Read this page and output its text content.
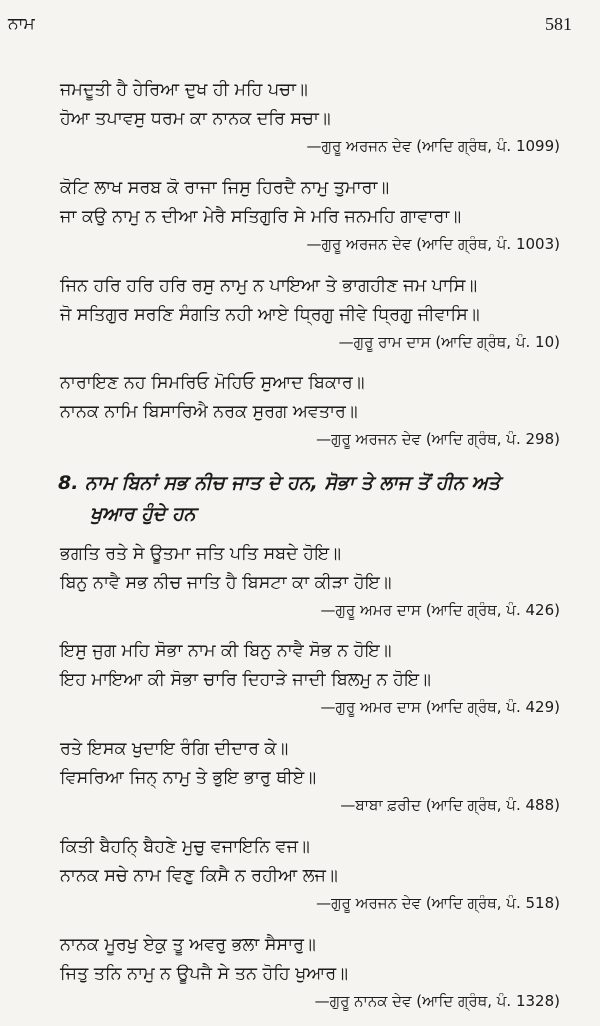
ਨਾਮ	581
ਜਮਦੂਤੀ ਹੈ ਹੇਰਿਆ ਦੁਖ ਹੀ ਮਹਿ ਪਚਾ॥
ਹੋਆ ਤਪਾਵਸੁ ਧਰਮ ਕਾ ਨਾਨਕ ਦਰਿ ਸਚਾ॥
—ਗੁਰੂ ਅਰਜਨ ਦੇਵ (ਆਦਿ ਗ੍ਰੰਥ, ਪੰ. 1099)
ਕੋਟਿ ਲਾਖ ਸਰਬ ਕੋ ਰਾਜਾ ਜਿਸੁ ਹਿਰਦੈ ਨਾਮੁ ਤੁਮਾਰਾ॥
ਜਾ ਕਉ ਨਾਮੁ ਨ ਦੀਆ ਮੇਰੈ ਸਤਿਗੁਰਿ ਸੇ ਮਰਿ ਜਨਮਹਿ ਗਾਵਾਰਾ॥
—ਗੁਰੂ ਅਰਜਨ ਦੇਵ (ਆਦਿ ਗ੍ਰੰਥ, ਪੰ. 1003)
ਜਿਨ ਹਰਿ ਹਰਿ ਹਰਿ ਰਸੁ ਨਾਮੁ ਨ ਪਾਇਆ ਤੇ ਭਾਗਹੀਣ ਜਮ ਪਾਸਿ॥
ਜੋ ਸਤਿਗੁਰ ਸਰਣਿ ਸੰਗਤਿ ਨਹੀ ਆਏ ਧ੍ਰਿਗੁ ਜੀਵੇ ਧ੍ਰਿਗੁ ਜੀਵਾਸਿ॥
—ਗੁਰੂ ਰਾਮ ਦਾਸ (ਆਦਿ ਗ੍ਰੰਥ, ਪੰ. 10)
ਨਾਰਾਇਣ ਨਹ ਸਿਮਰਿਓ ਮੋਹਿਓ ਸੁਆਦ ਬਿਕਾਰ॥
ਨਾਨਕ ਨਾਮਿ ਬਿਸਾਰਿਐ ਨਰਕ ਸੁਰਗ ਅਵਤਾਰ॥
—ਗੁਰੂ ਅਰਜਨ ਦੇਵ (ਆਦਿ ਗ੍ਰੰਥ, ਪੰ. 298)
8. ਨਾਮ ਬਿਨਾਂ ਸਭ ਨੀਚ ਜਾਤ ਦੇ ਹਨ, ਸੋਭਾ ਤੇ ਲਾਜ ਤੋਂ ਹੀਨ ਅਤੇ
ਖੁਆਰ ਹੁੰਦੇ ਹਨ
ਭਗਤਿ ਰਤੇ ਸੇ ਊਤਮਾ ਜਤਿ ਪਤਿ ਸਬਦੇ ਹੋਇ॥
ਬਿਨੁ ਨਾਵੈ ਸਭ ਨੀਚ ਜਾਤਿ ਹੈ ਬਿਸਟਾ ਕਾ ਕੀੜਾ ਹੋਇ॥
—ਗੁਰੂ ਅਮਰ ਦਾਸ (ਆਦਿ ਗ੍ਰੰਥ, ਪੰ. 426)
ਇਸੁ ਜੁਗ ਮਹਿ ਸੋਭਾ ਨਾਮ ਕੀ ਬਿਨੁ ਨਾਵੈ ਸੋਭ ਨ ਹੋਇ॥
ਇਹ ਮਾਇਆ ਕੀ ਸੋਭਾ ਚਾਰਿ ਦਿਹਾੜੇ ਜਾਦੀ ਬਿਲਮੁ ਨ ਹੋਇ॥
—ਗੁਰੂ ਅਮਰ ਦਾਸ (ਆਦਿ ਗ੍ਰੰਥ, ਪੰ. 429)
ਰਤੇ ਇਸਕ ਖੁਦਾਇ ਰੰਗਿ ਦੀਦਾਰ ਕੇ॥
ਵਿਸਰਿਆ ਜਿਨ੍ ਨਾਮੁ ਤੇ ਭੁਇ ਭਾਰੁ ਥੀਏ॥
—ਬਾਬਾ ਫ਼ਰੀਦ (ਆਦਿ ਗ੍ਰੰਥ, ਪੰ. 488)
ਕਿਤੀ ਬੈਹਨਿ੍ ਬੈਹਣੇ ਮੁਚੁ ਵਜਾਇਨਿ ਵਜ॥
ਨਾਨਕ ਸਚੇ ਨਾਮ ਵਿਣੁ ਕਿਸੈ ਨ ਰਹੀਆ ਲਜ॥
—ਗੁਰੂ ਅਰਜਨ ਦੇਵ (ਆਦਿ ਗ੍ਰੰਥ, ਪੰ. 518)
ਨਾਨਕ ਮੂਰਖੁ ਏਕੁ ਤੂ ਅਵਰੁ ਭਲਾ ਸੈਸਾਰੁ॥
ਜਿਤੁ ਤਨਿ ਨਾਮੁ ਨ ਊਪਜੈ ਸੇ ਤਨ ਹੋਹਿ ਖੁਆਰ॥
—ਗੁਰੂ ਨਾਨਕ ਦੇਵ (ਆਦਿ ਗ੍ਰੰਥ, ਪੰ. 1328)
